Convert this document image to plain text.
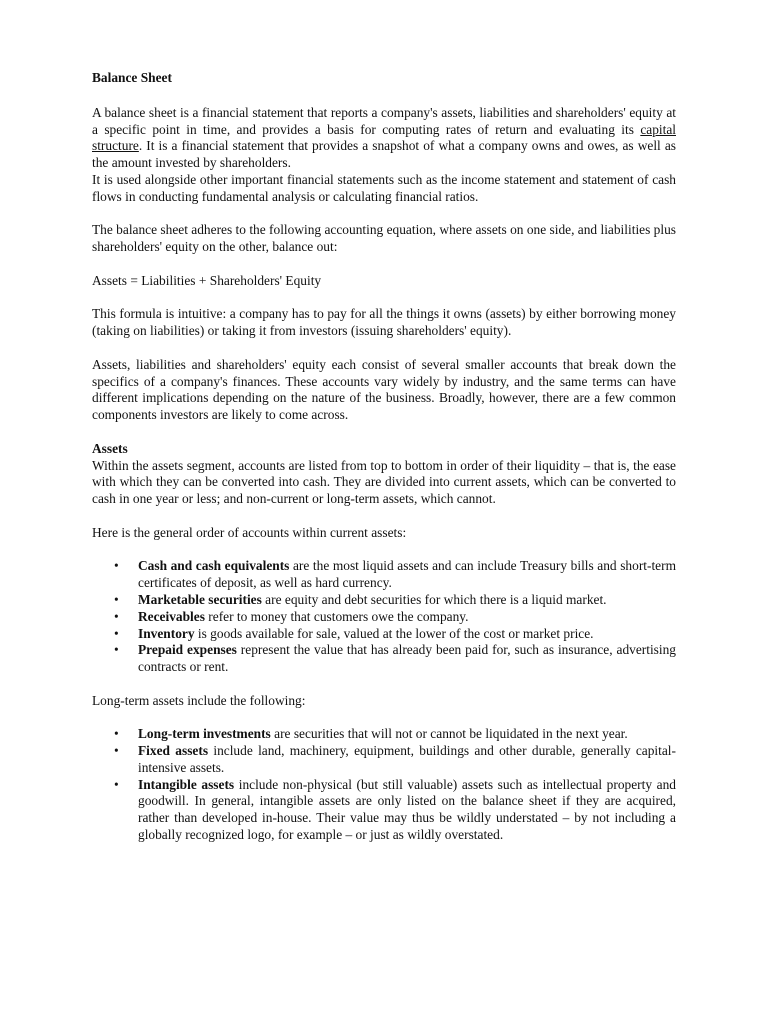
Balance Sheet

A balance sheet is a financial statement that reports a company's assets, liabilities and shareholders' equity at a specific point in time, and provides a basis for computing rates of return and evaluating its capital structure. It is a financial statement that provides a snapshot of what a company owns and owes, as well as the amount invested by shareholders.

It is used alongside other important financial statements such as the income statement and statement of cash flows in conducting fundamental analysis or calculating financial ratios.

The balance sheet adheres to the following accounting equation, where assets on one side, and liabilities plus shareholders' equity on the other, balance out:

Assets = Liabilities + Shareholders' Equity

This formula is intuitive: a company has to pay for all the things it owns (assets) by either borrowing money (taking on liabilities) or taking it from investors (issuing shareholders' equity).

Assets, liabilities and shareholders' equity each consist of several smaller accounts that break down the specifics of a company's finances. These accounts vary widely by industry, and the same terms can have different implications depending on the nature of the business. Broadly, however, there are a few common components investors are likely to come across.

Assets

Within the assets segment, accounts are listed from top to bottom in order of their liquidity – that is, the ease with which they can be converted into cash. They are divided into current assets, which can be converted to cash in one year or less; and non-current or long-term assets, which cannot.

Here is the general order of accounts within current assets:

• Cash and cash equivalents are the most liquid assets and can include Treasury bills and short-term certificates of deposit, as well as hard currency.
• Marketable securities are equity and debt securities for which there is a liquid market.
• Receivables refer to money that customers owe the company.
• Inventory is goods available for sale, valued at the lower of the cost or market price.
• Prepaid expenses represent the value that has already been paid for, such as insurance, advertising contracts or rent.

Long-term assets include the following:

• Long-term investments are securities that will not or cannot be liquidated in the next year.
• Fixed assets include land, machinery, equipment, buildings and other durable, generally capital-intensive assets.
• Intangible assets include non-physical (but still valuable) assets such as intellectual property and goodwill. In general, intangible assets are only listed on the balance sheet if they are acquired, rather than developed in-house. Their value may thus be wildly understated – by not including a globally recognized logo, for example – or just as wildly overstated.
